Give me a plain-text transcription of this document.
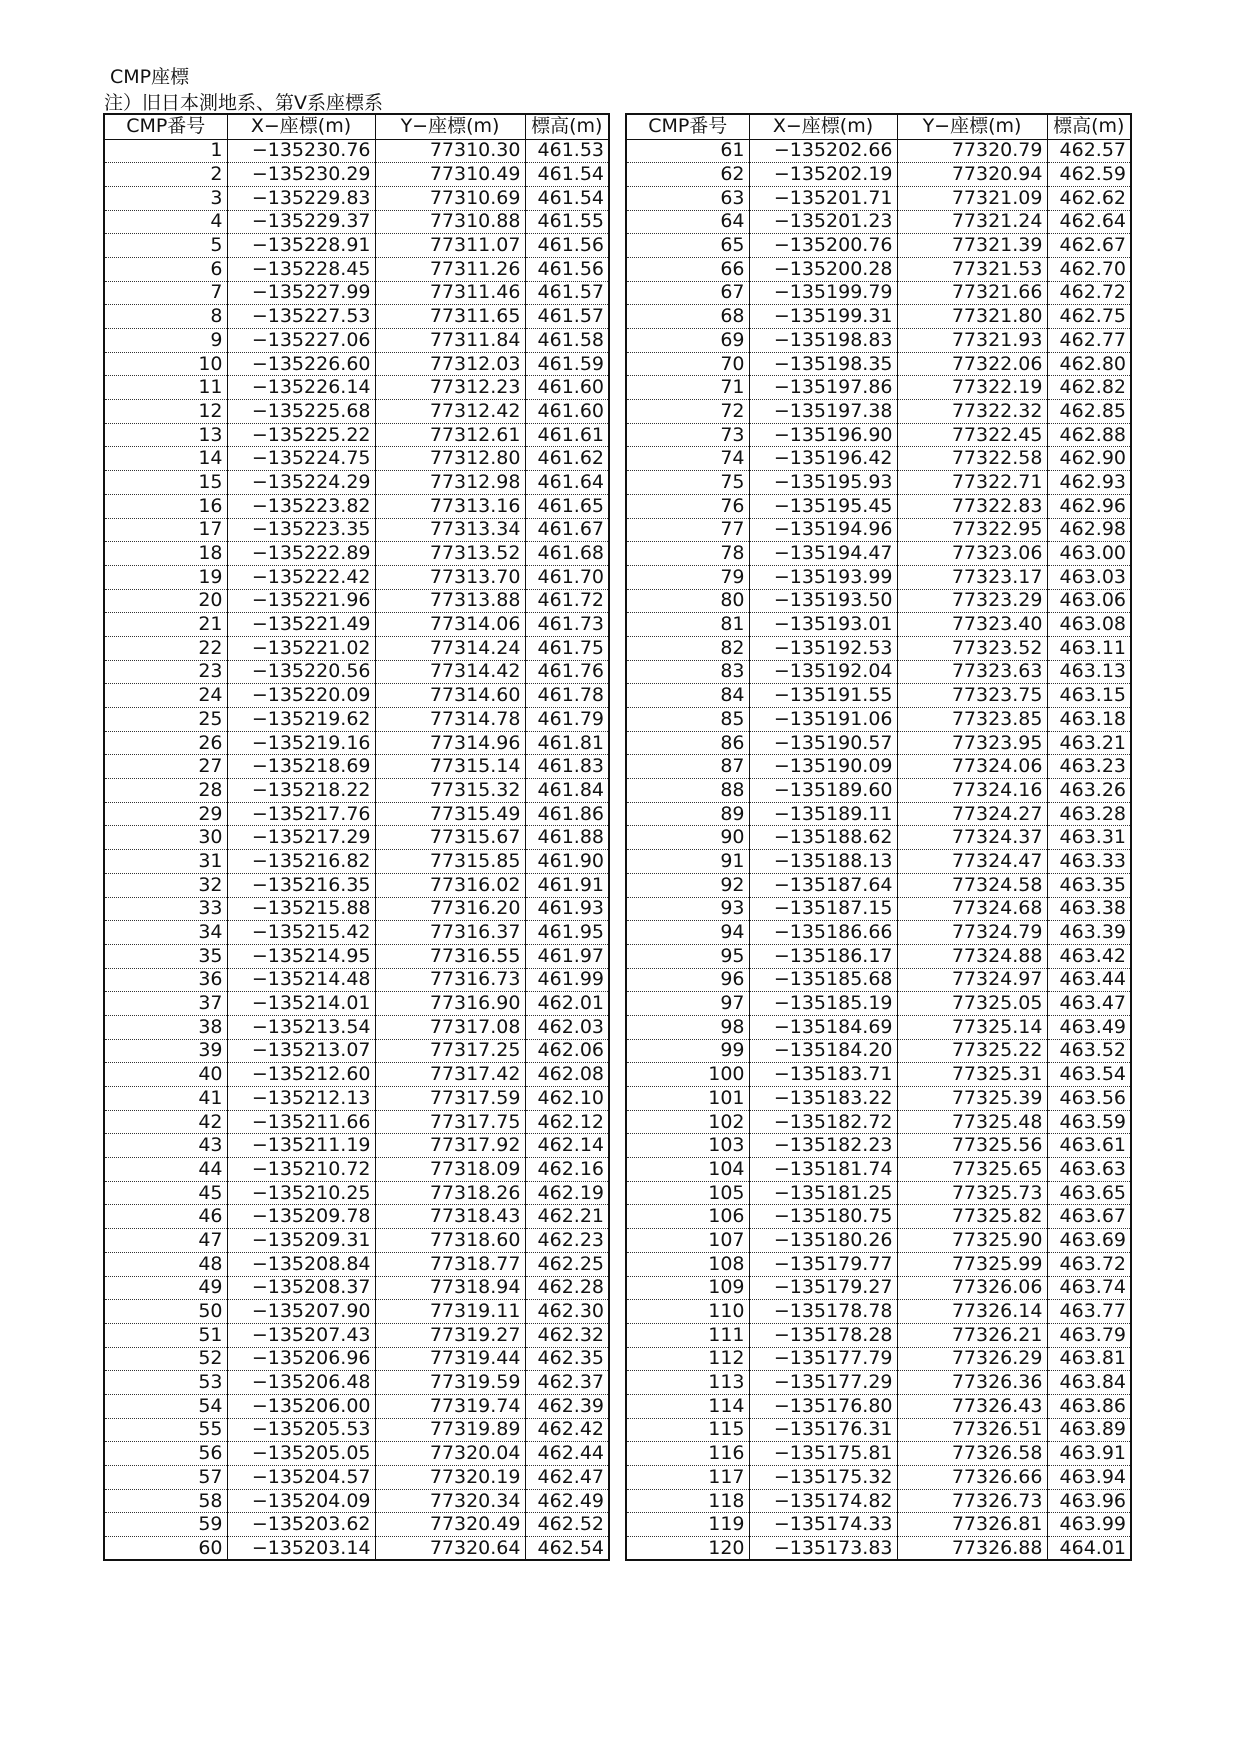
CMP座標
注）旧日本測地系、第Ⅴ系座標系
CMP番号	X−座標(m)	Y−座標(m)	標高(m)
1	−135230.76	77310.30	461.53
2	−135230.29	77310.49	461.54
3	−135229.83	77310.69	461.54
4	−135229.37	77310.88	461.55
5	−135228.91	77311.07	461.56
6	−135228.45	77311.26	461.56
7	−135227.99	77311.46	461.57
8	−135227.53	77311.65	461.57
9	−135227.06	77311.84	461.58
10	−135226.60	77312.03	461.59
11	−135226.14	77312.23	461.60
12	−135225.68	77312.42	461.60
13	−135225.22	77312.61	461.61
14	−135224.75	77312.80	461.62
15	−135224.29	77312.98	461.64
16	−135223.82	77313.16	461.65
17	−135223.35	77313.34	461.67
18	−135222.89	77313.52	461.68
19	−135222.42	77313.70	461.70
20	−135221.96	77313.88	461.72
21	−135221.49	77314.06	461.73
22	−135221.02	77314.24	461.75
23	−135220.56	77314.42	461.76
24	−135220.09	77314.60	461.78
25	−135219.62	77314.78	461.79
26	−135219.16	77314.96	461.81
27	−135218.69	77315.14	461.83
28	−135218.22	77315.32	461.84
29	−135217.76	77315.49	461.86
30	−135217.29	77315.67	461.88
31	−135216.82	77315.85	461.90
32	−135216.35	77316.02	461.91
33	−135215.88	77316.20	461.93
34	−135215.42	77316.37	461.95
35	−135214.95	77316.55	461.97
36	−135214.48	77316.73	461.99
37	−135214.01	77316.90	462.01
38	−135213.54	77317.08	462.03
39	−135213.07	77317.25	462.06
40	−135212.60	77317.42	462.08
41	−135212.13	77317.59	462.10
42	−135211.66	77317.75	462.12
43	−135211.19	77317.92	462.14
44	−135210.72	77318.09	462.16
45	−135210.25	77318.26	462.19
46	−135209.78	77318.43	462.21
47	−135209.31	77318.60	462.23
48	−135208.84	77318.77	462.25
49	−135208.37	77318.94	462.28
50	−135207.90	77319.11	462.30
51	−135207.43	77319.27	462.32
52	−135206.96	77319.44	462.35
53	−135206.48	77319.59	462.37
54	−135206.00	77319.74	462.39
55	−135205.53	77319.89	462.42
56	−135205.05	77320.04	462.44
57	−135204.57	77320.19	462.47
58	−135204.09	77320.34	462.49
59	−135203.62	77320.49	462.52
60	−135203.14	77320.64	462.54
CMP番号	X−座標(m)	Y−座標(m)	標高(m)
61	−135202.66	77320.79	462.57
62	−135202.19	77320.94	462.59
63	−135201.71	77321.09	462.62
64	−135201.23	77321.24	462.64
65	−135200.76	77321.39	462.67
66	−135200.28	77321.53	462.70
67	−135199.79	77321.66	462.72
68	−135199.31	77321.80	462.75
69	−135198.83	77321.93	462.77
70	−135198.35	77322.06	462.80
71	−135197.86	77322.19	462.82
72	−135197.38	77322.32	462.85
73	−135196.90	77322.45	462.88
74	−135196.42	77322.58	462.90
75	−135195.93	77322.71	462.93
76	−135195.45	77322.83	462.96
77	−135194.96	77322.95	462.98
78	−135194.47	77323.06	463.00
79	−135193.99	77323.17	463.03
80	−135193.50	77323.29	463.06
81	−135193.01	77323.40	463.08
82	−135192.53	77323.52	463.11
83	−135192.04	77323.63	463.13
84	−135191.55	77323.75	463.15
85	−135191.06	77323.85	463.18
86	−135190.57	77323.95	463.21
87	−135190.09	77324.06	463.23
88	−135189.60	77324.16	463.26
89	−135189.11	77324.27	463.28
90	−135188.62	77324.37	463.31
91	−135188.13	77324.47	463.33
92	−135187.64	77324.58	463.35
93	−135187.15	77324.68	463.38
94	−135186.66	77324.79	463.39
95	−135186.17	77324.88	463.42
96	−135185.68	77324.97	463.44
97	−135185.19	77325.05	463.47
98	−135184.69	77325.14	463.49
99	−135184.20	77325.22	463.52
100	−135183.71	77325.31	463.54
101	−135183.22	77325.39	463.56
102	−135182.72	77325.48	463.59
103	−135182.23	77325.56	463.61
104	−135181.74	77325.65	463.63
105	−135181.25	77325.73	463.65
106	−135180.75	77325.82	463.67
107	−135180.26	77325.90	463.69
108	−135179.77	77325.99	463.72
109	−135179.27	77326.06	463.74
110	−135178.78	77326.14	463.77
111	−135178.28	77326.21	463.79
112	−135177.79	77326.29	463.81
113	−135177.29	77326.36	463.84
114	−135176.80	77326.43	463.86
115	−135176.31	77326.51	463.89
116	−135175.81	77326.58	463.91
117	−135175.32	77326.66	463.94
118	−135174.82	77326.73	463.96
119	−135174.33	77326.81	463.99
120	−135173.83	77326.88	464.01
